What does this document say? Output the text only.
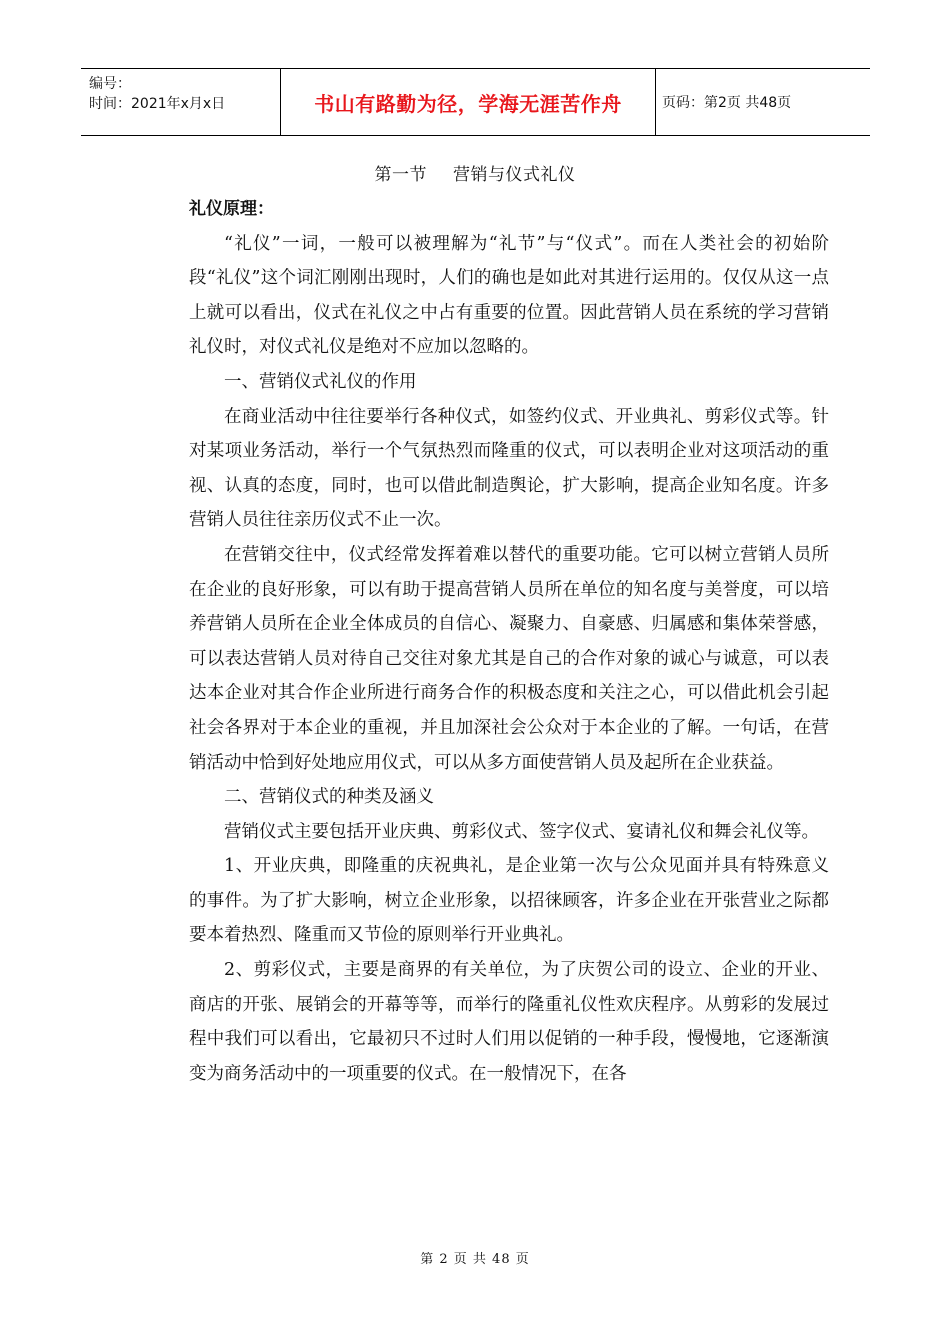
编号：
时间：2021年x月x日	书山有路勤为径，学海无涯苦作舟	页码：第2页 共48页
第一节 营销与仪式礼仪

礼仪原理：

“礼仪”一词，一般可以被理解为“礼节”与“仪式”。而在人类社会的初始阶段“礼仪”这个词汇刚刚出现时，人们的确也是如此对其进行运用的。仅仅从这一点上就可以看出，仪式在礼仪之中占有重要的位置。因此营销人员在系统的学习营销礼仪时，对仪式礼仪是绝对不应加以忽略的。

一、营销仪式礼仪的作用

在商业活动中往往要举行各种仪式，如签约仪式、开业典礼、剪彩仪式等。针对某项业务活动，举行一个气氛热烈而隆重的仪式，可以表明企业对这项活动的重视、认真的态度，同时，也可以借此制造舆论，扩大影响，提高企业知名度。许多营销人员往往亲历仪式不止一次。

在营销交往中，仪式经常发挥着难以替代的重要功能。它可以树立营销人员所在企业的良好形象，可以有助于提高营销人员所在单位的知名度与美誉度，可以培养营销人员所在企业全体成员的自信心、凝聚力、自豪感、归属感和集体荣誉感，可以表达营销人员对待自己交往对象尤其是自己的合作对象的诚心与诚意，可以表达本企业对其合作企业所进行商务合作的积极态度和关注之心，可以借此机会引起社会各界对于本企业的重视，并且加深社会公众对于本企业的了解。一句话，在营销活动中恰到好处地应用仪式，可以从多方面使营销人员及起所在企业获益。

二、营销仪式的种类及涵义

营销仪式主要包括开业庆典、剪彩仪式、签字仪式、宴请礼仪和舞会礼仪等。

1、开业庆典，即隆重的庆祝典礼，是企业第一次与公众见面并具有特殊意义的事件。为了扩大影响，树立企业形象，以招徕顾客，许多企业在开张营业之际都要本着热烈、隆重而又节俭的原则举行开业典礼。

2、剪彩仪式，主要是商界的有关单位，为了庆贺公司的设立、企业的开业、商店的开张、展销会的开幕等等，而举行的隆重礼仪性欢庆程序。从剪彩的发展过程中我们可以看出，它最初只不过时人们用以促销的一种手段，慢慢地，它逐渐演变为商务活动中的一项重要的仪式。在一般情况下，在各

第 2 页 共 48 页
